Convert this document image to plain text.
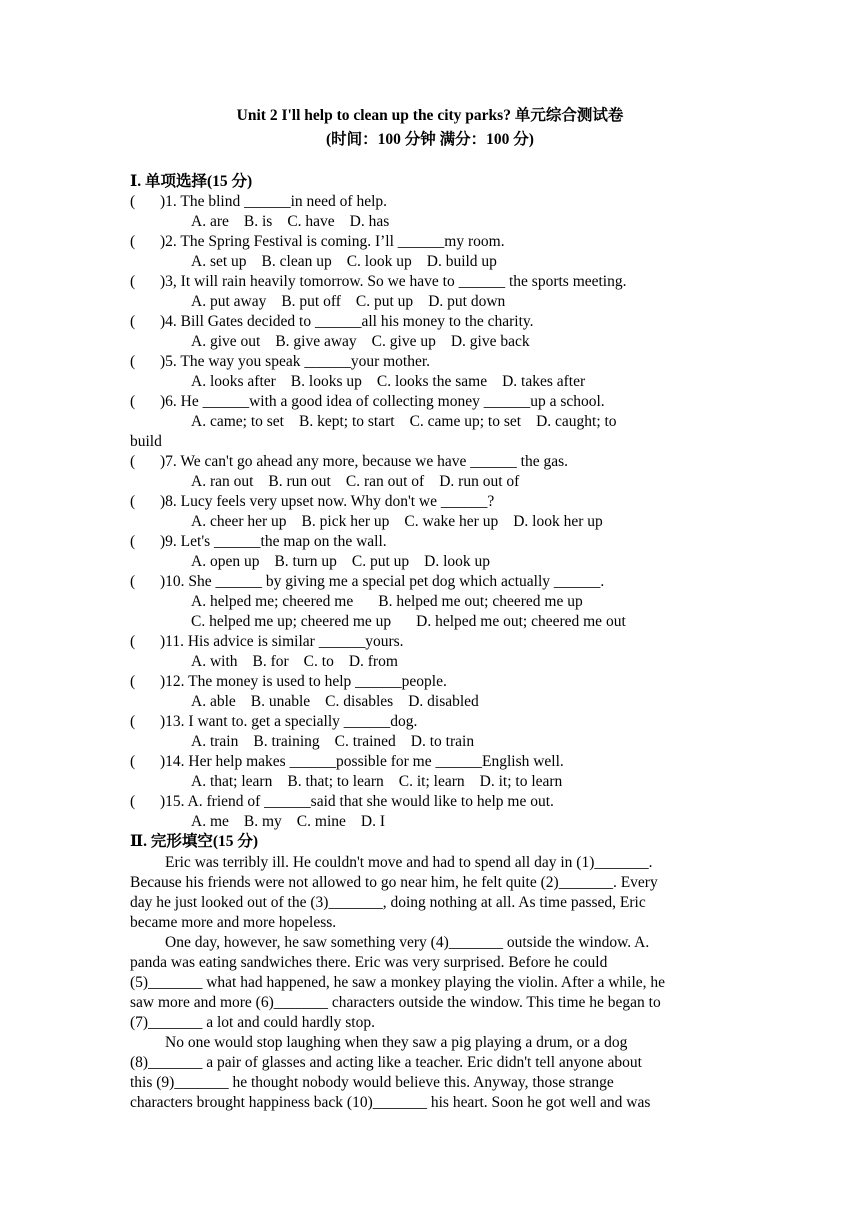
Unit 2 I'll help to clean up the city parks? 单元综合测试卷
(时间：100 分钟 满分：100 分)
Ⅰ. 单项选择(15 分)
( )1. The blind ______in need of help.
A. are B. is C. have D. has
( )2. The Spring Festival is coming. I’ll ______my room.
A. set up B. clean up C. look up D. build up
( )3, It will rain heavily tomorrow. So we have to ______ the sports meeting.
A. put away B. put off C. put up D. put down
( )4. Bill Gates decided to ______all his money to the charity.
A. give out B. give away C. give up D. give back
( )5. The way you speak ______your mother.
A. looks after B. looks up C. looks the same D. takes after
( )6. He ______with a good idea of collecting money ______up a school.
A. came; to set B. kept; to start C. came up; to set D. caught; to
build
( )7. We can't go ahead any more, because we have ______ the gas.
A. ran out B. run out C. ran out of D. run out of
( )8. Lucy feels very upset now. Why don't we ______?
A. cheer her up B. pick her up C. wake her up D. look her up
( )9. Let's ______the map on the wall.
A. open up B. turn up C. put up D. look up
( )10. She ______ by giving me a special pet dog which actually ______.
A. helped me; cheered me B. helped me out; cheered me up
C. helped me up; cheered me up D. helped me out; cheered me out
( )11. His advice is similar ______yours.
A. with B. for C. to D. from
( )12. The money is used to help ______people.
A. able B. unable C. disables D. disabled
( )13. I want to. get a specially ______dog.
A. train B. training C. trained D. to train
( )14. Her help makes ______possible for me ______English well.
A. that; learn B. that; to learn C. it; learn D. it; to learn
( )15. A. friend of ______said that she would like to help me out.
A. me B. my C. mine D. I
Ⅱ. 完形填空(15 分)
Eric was terribly ill. He couldn't move and had to spend all day in (1)_______.
Because his friends were not allowed to go near him, he felt quite (2)_______. Every
day he just looked out of the (3)_______, doing nothing at all. As time passed, Eric
became more and more hopeless.
One day, however, he saw something very (4)_______ outside the window. A.
panda was eating sandwiches there. Eric was very surprised. Before he could
(5)_______ what had happened, he saw a monkey playing the violin. After a while, he
saw more and more (6)_______ characters outside the window. This time he began to
(7)_______ a lot and could hardly stop.
No one would stop laughing when they saw a pig playing a drum, or a dog
(8)_______ a pair of glasses and acting like a teacher. Eric didn't tell anyone about
this (9)_______ he thought nobody would believe this. Anyway, those strange
characters brought happiness back (10)_______ his heart. Soon he got well and was
